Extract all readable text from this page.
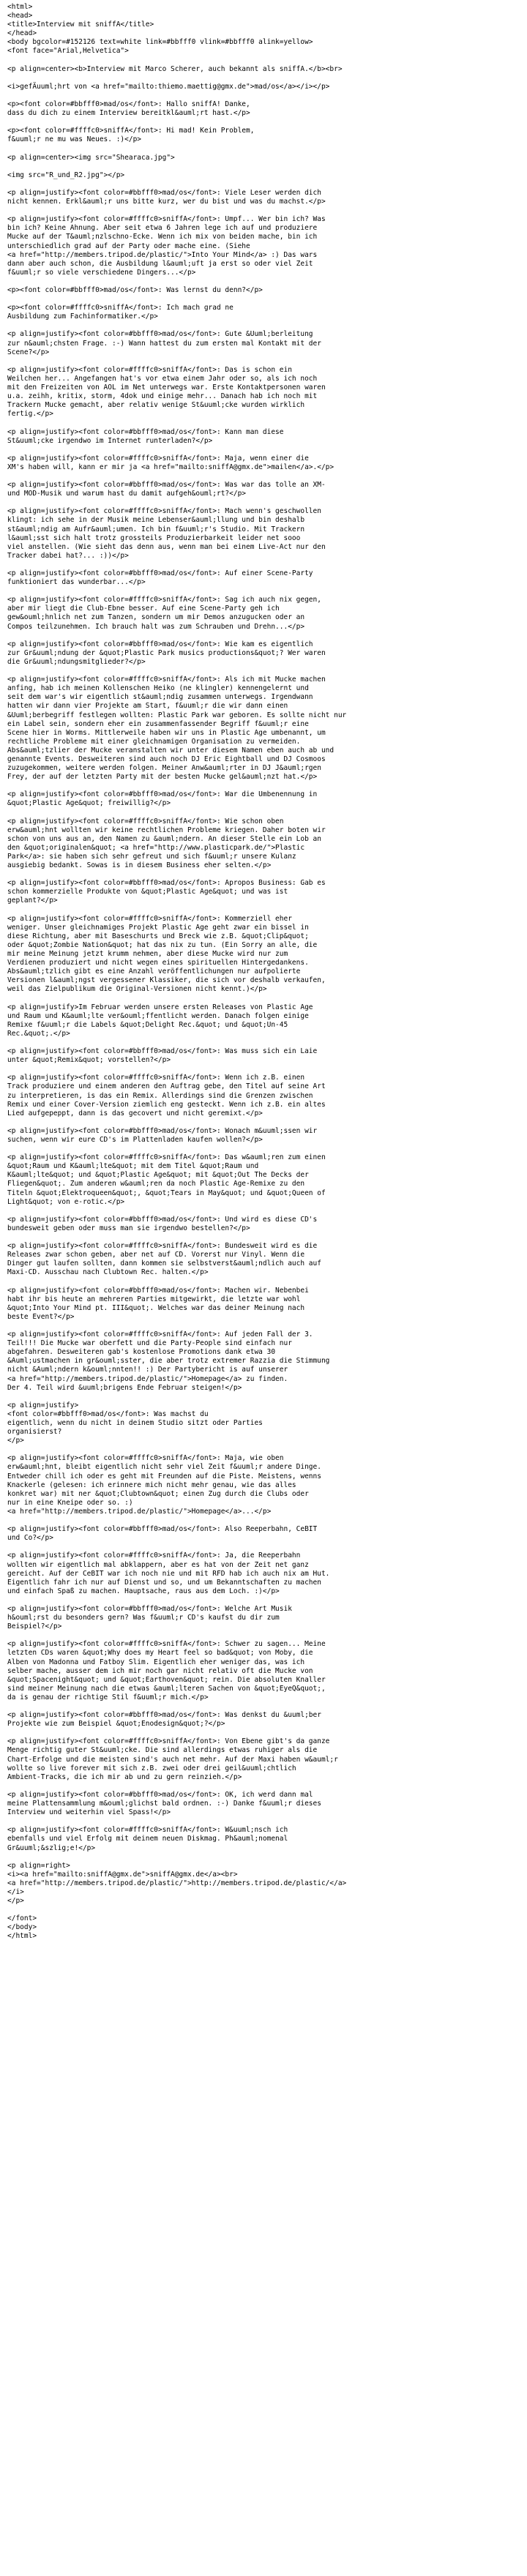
<html>
<head>
<title>Interview mit sniffA</title>
</head>
<body bgcolor=#152126 text=white link=#bbfff0 vlink=#bbfff0 alink=yellow>
<font face="Arial,Helvetica">

<p align=center><b>Interview mit Marco Scherer, auch bekannt als sniffA.</b><br>

<i>gefÄuuml;hrt von <a href="mailto:thiemo.maettig@gmx.de">mad/os</a></i></p>

<p><font color=#bbfff0>mad/os</font>: Hallo sniffA! Danke,
dass du dich zu einem Interview bereitkl&auml;rt hast.</p>

<p><font color=#ffffc0>sniffA</font>: Hi mad! Kein Problem,
f&uuml;r ne mu was Neues. :)</p>

<p align=center><img src="Shearaca.jpg">

<img src="R_und_R2.jpg"></p>

<p align=justify><font color=#bbfff0>mad/os</font>: Viele Leser werden dich
nicht kennen. Erkl&auml;r uns bitte kurz, wer du bist und was du machst.</p>

<p align=justify><font color=#ffffc0>sniffA</font>: Umpf... Wer bin ich? Was
bin ich? Keine Ahnung. Aber seit etwa 6 Jahren lege ich auf und produziere
Mucke auf der T&auml;nzlschno-Ecke. Wenn ich mix von beiden mache, bin ich
unterschiedlich grad auf der Party oder mache eine. (Siehe
<a href="http://members.tripod.de/plastic/">Into Your Mind</a> :) Das wars
dann aber auch schon, die Ausbildung l&auml;uft ja erst so oder viel Zeit
f&uuml;r so viele verschiedene Dingers...</p>

<p><font color=#bbfff0>mad/os</font>: Was lernst du denn?</p>

<p><font color=#ffffc0>sniffA</font>: Ich mach grad ne
Ausbildung zum Fachinformatiker.</p>

<p align=justify><font color=#bbfff0>mad/os</font>: Gute &Uuml;berleitung
zur n&auml;chsten Frage. :-) Wann hattest du zum ersten mal Kontakt mit der
Scene?</p>

<p align=justify><font color=#ffffc0>sniffA</font>: Das is schon ein
Weilchen her... Angefangen hat's vor etwa einem Jahr oder so, als ich noch
mit den Freizeiten von AOL im Net unterwegs war. Erste Kontaktpersonen waren
u.a. zeihh, kritix, storm, 4dok und einige mehr... Danach hab ich noch mit
Trackern Mucke gemacht, aber relativ wenige St&uuml;cke wurden wirklich
fertig.</p>

<p align=justify><font color=#bbfff0>mad/os</font>: Kann man diese
St&uuml;cke irgendwo im Internet runterladen?</p>

<p align=justify><font color=#ffffc0>sniffA</font>: Maja, wenn einer die
XM's haben will, kann er mir ja <a href="mailto:sniffA@gmx.de">mailen</a>.</p>

<p align=justify><font color=#bbfff0>mad/os</font>: Was war das tolle an XM-
und MOD-Musik und warum hast du damit aufgeh&ouml;rt?</p>

<p align=justify><font color=#ffffc0>sniffA</font>: Mach wenn's geschwollen
klingt: ich sehe in der Musik meine Lebenser&auml;llung und bin deshalb
st&auml;ndig am Aufr&auml;umen. Ich bin f&uuml;r's Studio. Mit Trackern
l&auml;sst sich halt trotz grossteils Produzierbarkeit leider net sooo
viel anstellen. (Wie sieht das denn aus, wenn man bei einem Live-Act nur den
Tracker dabei hat?... :))</p>

<p align=justify><font color=#bbfff0>mad/os</font>: Auf einer Scene-Party
funktioniert das wunderbar...</p>

<p align=justify><font color=#ffffc0>sniffA</font>: Sag ich auch nix gegen,
aber mir liegt die Club-Ebne besser. Auf eine Scene-Party geh ich
gew&ouml;hnlich net zum Tanzen, sondern um mir Demos anzugucken oder an
Compos teilzunehmen. Ich brauch halt was zum Schrauben und Drehn...</p>

<p align=justify><font color=#bbfff0>mad/os</font>: Wie kam es eigentlich
zur Gr&uuml;ndung der &quot;Plastic Park musics productions&quot;? Wer waren
die Gr&uuml;ndungsmitglieder?</p>

<p align=justify><font color=#ffffc0>sniffA</font>: Als ich mit Mucke machen
anfing, hab ich meinen Kollenschen Heiko (ne klingler) kennengelernt und
seit dem war's wir eigentlich st&auml;ndig zusammen unterwegs. Irgendwann
hatten wir dann vier Projekte am Start, f&uuml;r die wir dann einen
&Uuml;berbegriff festlegen wollten: Plastic Park war geboren. Es sollte nicht nur
ein Label sein, sondern eher ein zusammenfassender Begriff f&uuml;r eine
Scene hier in Worms. Mittlerweile haben wir uns in Plastic Age umbenannt, um
rechtliche Probleme mit einer gleichnamigen Organisation zu vermeiden.
Abs&auml;tzlier der Mucke veranstalten wir unter diesem Namen eben auch ab und
genannte Events. Desweiteren sind auch noch DJ Eric Eightball und DJ Cosmoos
zuzugekommen, weitere werden folgen. Meiner Anw&auml;rter in DJ J&auml;rgen
Frey, der auf der letzten Party mit der besten Mucke gel&auml;nzt hat.</p>

<p align=justify><font color=#bbfff0>mad/os</font>: War die Umbenennung in
&quot;Plastic Age&quot; freiwillig?</p>

<p align=justify><font color=#ffffc0>sniffA</font>: Wie schon oben
erw&auml;hnt wollten wir keine rechtlichen Probleme kriegen. Daher boten wir
schon von uns aus an, den Namen zu &auml;ndern. An dieser Stelle ein Lob an
den &quot;originalen&quot; <a href="http://www.plasticpark.de/">Plastic
Park</a>: sie haben sich sehr gefreut und sich f&uuml;r unsere Kulanz
ausgiebig bedankt. Sowas is in diesem Business eher selten.</p>

<p align=justify><font color=#bbfff0>mad/os</font>: Apropos Business: Gab es
schon kommerzielle Produkte von &quot;Plastic Age&quot; und was ist
geplant?</p>

<p align=justify><font color=#ffffc0>sniffA</font>: Kommerziell eher
weniger. Unser gleichnamiges Projekt Plastic Age geht zwar ein bissel in
diese Richtung, aber mit Baseschurts und Breck wie z.B. &quot;Clip&quot;
oder &quot;Zombie Nation&quot; hat das nix zu tun. (Ein Sorry an alle, die
mir meine Meinung jetzt krumm nehmen, aber diese Mucke wird nur zum
Verdienen produziert und nicht wegen eines spirituellen Hintergedankens.
Abs&auml;tzlich gibt es eine Anzahl veröffentlichungen nur aufpolierte
Versionen l&auml;ngst vergessener Klassiker, die sich vor deshalb verkaufen,
weil das Zielpublikum die Original-Versionen nicht kennt.)</p>

<p align=justify>Im Februar werden unsere ersten Releases von Plastic Age
und Raum und K&auml;lte ver&ouml;ffentlicht werden. Danach folgen einige
Remixe f&uuml;r die Labels &quot;Delight Rec.&quot; und &quot;Un-45
Rec.&quot;.</p>

<p align=justify><font color=#bbfff0>mad/os</font>: Was muss sich ein Laie
unter &quot;Remix&quot; vorstellen?</p>

<p align=justify><font color=#ffffc0>sniffA</font>: Wenn ich z.B. einen
Track produziere und einem anderen den Auftrag gebe, den Titel auf seine Art
zu interpretieren, is das ein Remix. Allerdings sind die Grenzen zwischen
Remix und einer Cover-Version ziemlich eng gesteckt. Wenn ich z.B. ein altes
Lied aufgepeppt, dann is das gecovert und nicht geremixt.</p>

<p align=justify><font color=#bbfff0>mad/os</font>: Wonach m&uuml;ssen wir
suchen, wenn wir eure CD's im Plattenladen kaufen wollen?</p>

<p align=justify><font color=#ffffc0>sniffA</font>: Das w&auml;ren zum einen
&quot;Raum und K&auml;lte&quot; mit dem Titel &quot;Raum und
K&auml;lte&quot; und &quot;Plastic Age&quot; mit &quot;Out The Decks der
Fliegen&quot;. Zum anderen w&auml;ren da noch Plastic Age-Remixe zu den
Titeln &quot;Elektroqueen&quot;, &quot;Tears in May&quot; und &quot;Queen of
Light&quot; von e-rotic.</p>

<p align=justify><font color=#bbfff0>mad/os</font>: Und wird es diese CD's
bundesweit geben oder muss man sie irgendwo bestellen?</p>

<p align=justify><font color=#ffffc0>sniffA</font>: Bundesweit wird es die
Releases zwar schon geben, aber net auf CD. Vorerst nur Vinyl. Wenn die
Dinger gut laufen sollten, dann kommen sie selbstverst&auml;ndlich auch auf
Maxi-CD. Ausschau nach Clubtown Rec. halten.</p>

<p align=justify><font color=#bbfff0>mad/os</font>: Machen wir. Nebenbei
habt ihr bis heute an mehreren Parties mitgewirkt, die letzte war wohl
&quot;Into Your Mind pt. III&quot;. Welches war das deiner Meinung nach
beste Event?</p>

<p align=justify><font color=#ffffc0>sniffA</font>: Auf jeden Fall der 3.
Teil!!! Die Mucke war oberfett und die Party-People sind einfach nur
abgefahren. Desweiteren gab's kostenlose Promotions dank etwa 30
&Auml;ustmachen in gr&ouml;sster, die aber trotz extremer Razzia die Stimmung
nicht &Auml;ndern k&ouml;nnten!! :) Der Partybericht is auf unserer
<a href="http://members.tripod.de/plastic/">Homepage</a> zu finden.
Der 4. Teil wird &uuml;brigens Ende Februar steigen!</p>

<p align=justify>
<font color=#bbfff0>mad/os</font>: Was machst du
eigentlich, wenn du nicht in deinem Studio sitzt oder Parties
organisierst?
</p>

<p align=justify><font color=#ffffc0>sniffA</font>: Maja, wie oben
erw&auml;hnt, bleibt eigentlich nicht sehr viel Zeit f&uuml;r andere Dinge.
Entweder chill ich oder es geht mit Freunden auf die Piste. Meistens, wenns
Knackerle (gelesen: ich erinnere mich nicht mehr genau, wie das alles
konkret war) mit ner &quot;Clubtown&quot; einen Zug durch die Clubs oder
nur in eine Kneipe oder so. :)
<a href="http://members.tripod.de/plastic/">Homepage</a>...</p>

<p align=justify><font color=#bbfff0>mad/os</font>: Also Reeperbahn, CeBIT
und Co?</p>

<p align=justify><font color=#ffffc0>sniffA</font>: Ja, die Reeperbahn
wollten wir eigentlich mal abklappern, aber es hat von der Zeit net ganz
gereicht. Auf der CeBIT war ich noch nie und mit RFD hab ich auch nix am Hut.
Eigentlich fahr ich nur auf Dienst und so, und um Bekanntschaften zu machen
und einfach Spaß zu machen. Hauptsache, raus aus dem Loch. :)</p>

<p align=justify><font color=#bbfff0>mad/os</font>: Welche Art Musik
h&ouml;rst du besonders gern? Was f&uuml;r CD's kaufst du dir zum
Beispiel?</p>

<p align=justify><font color=#ffffc0>sniffA</font>: Schwer zu sagen... Meine
letzten CDs waren &quot;Why does my Heart feel so bad&quot; von Moby, die
Alben von Madonna und Fatboy Slim. Eigentlich eher weniger das, was ich
selber mache, ausser dem ich mir noch gar nicht relativ oft die Mucke von
&quot;Spacenight&quot; und &quot;Earthoven&quot; rein. Die absoluten Knaller
sind meiner Meinung nach die etwas &auml;lteren Sachen von &quot;EyeQ&quot;,
da is genau der richtige Stil f&uuml;r mich.</p>

<p align=justify><font color=#bbfff0>mad/os</font>: Was denkst du &uuml;ber
Projekte wie zum Beispiel &quot;Enodesign&quot;?</p>

<p align=justify><font color=#ffffc0>sniffA</font>: Von Ebene gibt's da ganze
Menge richtig guter St&uuml;cke. Die sind allerdings etwas ruhiger als die
Chart-Erfolge und die meisten sind's auch net mehr. Auf der Maxi haben w&auml;r
wollte so live forever mit sich z.B. zwei oder drei geil&uuml;chtlich
Ambient-Tracks, die ich mir ab und zu gern reinzieh.</p>

<p align=justify><font color=#bbfff0>mad/os</font>: OK, ich werd dann mal
meine Plattensammlung m&ouml;glichst bald ordnen. :-) Danke f&uuml;r dieses
Interview und weiterhin viel Spass!</p>

<p align=justify><font color=#ffffc0>sniffA</font>: W&uuml;nsch ich
ebenfalls und viel Erfolg mit deinem neuen Diskmag. Ph&auml;nomenal
Gr&uuml;&szlig;e!</p>

<p align=right>
<i><a href="mailto:sniffA@gmx.de">sniffA@gmx.de</a><br>
<a href="http://members.tripod.de/plastic/">http://members.tripod.de/plastic/</a>
</i>
</p>

</font>
</body>
</html>
